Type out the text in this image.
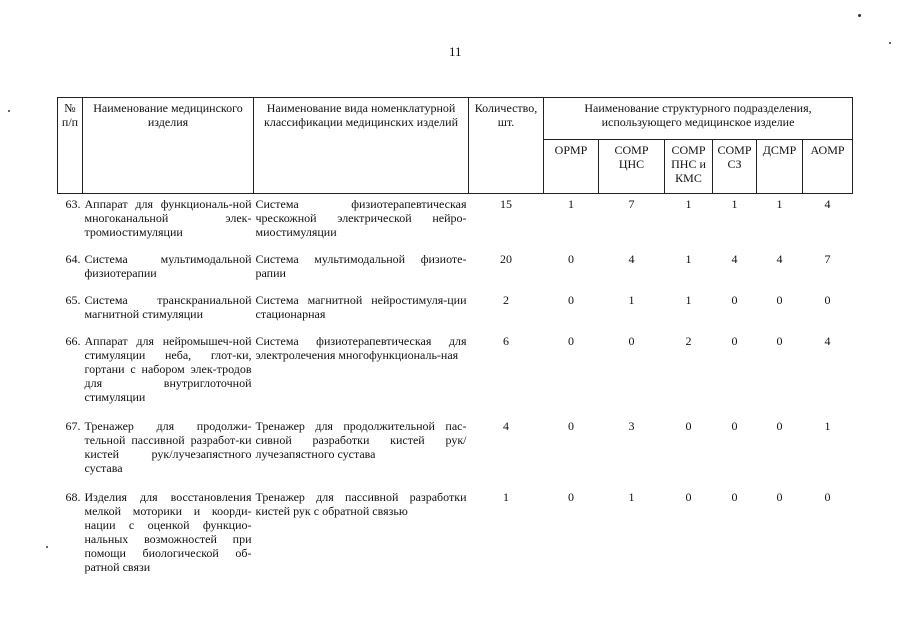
11
№ п/п	Наименование медицинского изделия	Наименование вида номенклатурной классификации медицинских изделий	Количество, шт.	Наименование структурного подразделения, использующего медицинское изделие					
				ОРМР	СОМР ЦНС	СОМР ПНС и КМС	СОМР СЗ	ДСМР	АОМР
63.	Аппарат для функциональ-ной многоканальной элек-тромиостимуляции	Система физиотерапевтическая чрескожной электрической нейро-миостимуляции	15	1	7	1	1	1	4
64.	Система мультимодальной физиотерапии	Система мультимодальной физиоте-рапии	20	0	4	1	4	4	7
65.	Система транскраниальной магнитной стимуляции	Система магнитной нейростимуля-ции стационарная	2	0	1	1	0	0	0
66.	Аппарат для нейромышеч-ной стимуляции неба, глот-ки, гортани с набором элек-тродов для внутриглоточной стимуляции	Система физиотерапевтическая для электролечения многофункциональ-ная	6	0	0	2	0	0	4
67.	Тренажер для продолжи-тельной пассивной разработ-ки кистей рук/лучезапястного сустава	Тренажер для продолжительной пас-сивной разработки кистей рук/лучезапястного сустава	4	0	3	0	0	0	1
68.	Изделия для восстановления мелкой моторики и коорди-нации с оценкой функцио-нальных возможностей при помощи биологической об-ратной связи	Тренажер для пассивной разработки кистей рук с обратной связью	1	0	1	0	0	0	0
